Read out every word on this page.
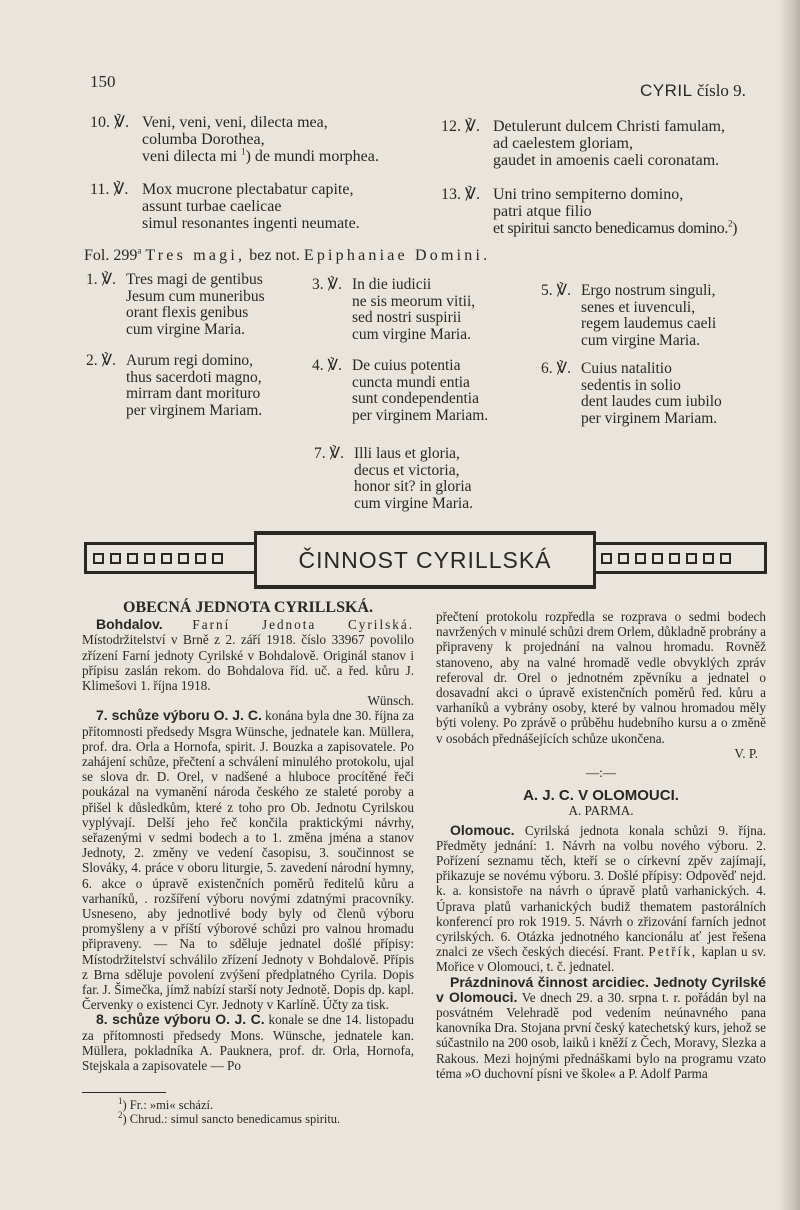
150	CYRIL číslo 9.
10. ℣. Veni, veni, veni, dilecta mea,
columba Dorothea,
veni dilecta mi $^1$) de mundi morphea.
11. ℣. Mox mucrone plectabatur capite,
assunt turbae caelicae
simul resonantes ingenti neumate.
12. ℣. Detulerunt dulcem Christi famulam,
ad caelestem gloriam,
gaudet in amoenis caeli coronatam.
13. ℣. Uni trino sempiterno domino,
patri atque filio
et spiritui sancto benedicamus domino.$^2$)
Fol. 299$^a$ Tres magi, bez not. Epiphaniae Domini.
1. ℣. Tres magi de gentibus
Jesum cum muneribus
orant flexis genibus
cum virgine Maria.
2. ℣. Aurum regi domino,
thus sacerdoti magno,
mirram dant morituro
per virginem Mariam.
3. ℣. In die iudicii
ne sis meorum vitii,
sed nostri suspirii
cum virgine Maria.
4. ℣. De cuius potentia
cuncta mundi entia
sunt condependentia
per virginem Mariam.
5. ℣. Ergo nostrum singuli,
senes et iuvenculi,
regem laudemus caeli
cum virgine Maria.
6. ℣. Cuius natalitio
sedentis in solio
dent laudes cum iubilo
per virginem Mariam.
7. ℣. Illi laus et gloria,
decus et victoria,
honor sit? in gloria
cum virgine Maria.
ČINNOST CYRILLSKÁ
OBECNÁ JEDNOTA CYRILLSKÁ.

Bohdalov. Farní Jednota Cyrilská. Místodržitelství v Brně z 2. září 1918. číslo 33967 povolilo zřízení Farní jednoty Cyrilské v Bohdalově. Originál stanov i přípisu zaslán rekom. do Bohdalova říd. uč. a řed. kůru J. Klimešovi 1. října 1918.

Wünsch.

7. schůze výboru O. J. C. konána byla dne 30. října za přítomnosti předsedy Msgra Wünsche, jednatele kan. Müllera, prof. dra. Orla a Hornofa, spirit. J. Bouzka a zapisovatele. Po zahájení schůze, přečtení a schválení minulého protokolu, ujal se slova dr. D. Orel, v nadšené a hluboce procítěné řeči poukázal na vymanění národa českého ze staleté poroby a přišel k důsledkům, které z toho pro Ob. Jednotu Cyrilskou vyplývají. Delší jeho řeč končila praktickými návrhy, seřazenými v sedmi bodech a to 1. změna jména a stanov Jednoty, 2. změny ve vedení časopisu, 3. součinnost se Slováky, 4. práce v oboru liturgie, 5. zavedení národní hymny, 6. akce o úpravě existenčních poměrů ředitelů kůru a varhaníků, . rozšíření výboru novými zdatnými pracovníky. Usneseno, aby jednotlivé body byly od členů výboru promyšleny a v příští výborové schůzi pro valnou hromadu připraveny. — Na to sděluje jednatel došlé přípisy: Místodržitelství schválilo zřízení Jednoty v Bohdalově. Přípis z Brna sděluje povolení zvýšení předplatného Cyrila. Dopis far. J. Šimečka, jímž nabízí starší noty Jednotě. Dopis dp. kapl. Červenky o existenci Cyr. Jednoty v Karlíně. Účty za tisk.

8. schůze výboru O. J. C. konale se dne 14. listopadu za přítomnosti předsedy Mons. Wünsche, jednatele kan. Müllera, pokladníka A. Pauknera, prof. dr. Orla, Hornofa, Stejskala a zapisovatele — Po

přečtení protokolu rozpředla se rozprava o sedmi bodech navržených v minulé schůzi drem Orlem, důkladně probrány a připraveny k projednání na valnou hromadu. Rovněž stanoveno, aby na valné hromadě vedle obvyklých zpráv referoval dr. Orel o jednotném zpěvníku a jednatel o dosavadní akci o úpravě existenčních poměrů řed. kůru a varhaníků a vybrány osoby, které by valnou hromadou měly býti voleny. Po zprávě o průběhu hudebního kursu a o změně v osobách přednášejících schůze ukončena.

V. P.
—:—
A. J. C. V OLOMOUCI.
A. PARMA.

Olomouc. Cyrilská jednota konala schůzi 9. října. Předměty jednání: 1. Návrh na volbu nového výboru. 2. Pořízení seznamu těch, kteří se o církevní zpěv zajímají, přikazuje se novému výboru. 3. Došlé přípisy: Odpověď nejd. k. a. konsistoře na návrh o úpravě platů varhanických. 4. Úprava platů varhanických budiž thematem pastorálních konferencí pro rok 1919. 5. Návrh o zřizování farních jednot cyrilských. 6. Otázka jednotného kancionálu ať jest řešena znalci ze všech českých diecésí. Frant. Petřík, kaplan u sv. Mořice v Olomouci, t. č. jednatel.

Prázdninová činnost arcidiec. Jednoty Cyrilské v Olomouci. Ve dnech 29. a 30. srpna t. r. pořádán byl na posvátném Velehradě pod vedením neúnavného pana kanovníka Dra. Stojana první český katechetský kurs, jehož se súčastnilo na 200 osob, laiků i kněží z Čech, Moravy, Slezka a Rakous. Mezi hojnými přednáškami bylo na programu vzato téma »O duchovní písni ve škole« a P. Adolf Parma

$^1$) Fr.: »mi« schází.
$^2$) Chrud.: simul sancto benedicamus spiritu.
